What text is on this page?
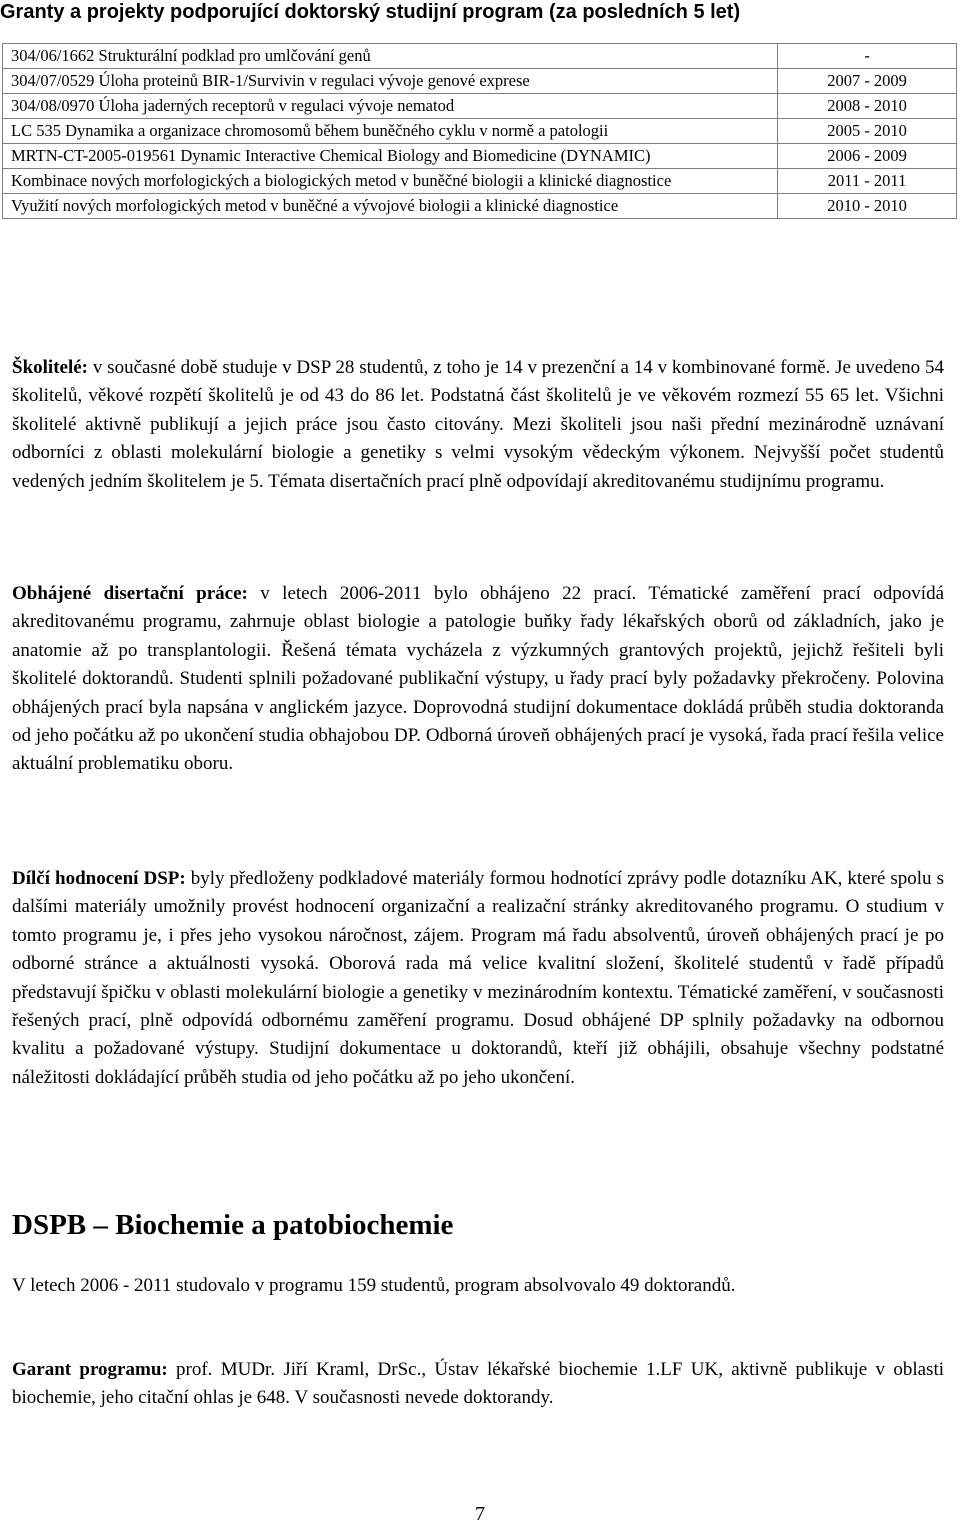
Granty a projekty podporující doktorský studijní program (za posledních 5 let)
304/06/1662 Strukturální podklad pro umlčování genů	-
304/07/0529 Úloha proteinů BIR-1/Survivin v regulaci vývoje genové exprese	2007 - 2009
304/08/0970 Úloha jaderných receptorů v regulaci vývoje nematod	2008 - 2010
LC 535 Dynamika a organizace chromosomů během buněčného cyklu v normě a patologii	2005 - 2010
MRTN-CT-2005-019561 Dynamic Interactive Chemical Biology and Biomedicine (DYNAMIC)	2006 - 2009
Kombinace nových morfologických a biologických metod v buněčné biologii a klinické diagnostice	2011 - 2011
Využití nových morfologických metod v buněčné a vývojové biologii a klinické diagnostice	2010 - 2010
Školitelé: v současné době studuje v DSP 28 studentů, z toho je 14 v prezenční a 14 v kombinované formě. Je uvedeno 54 školitelů, věkové rozpětí školitelů je od 43 do 86 let. Podstatná část školitelů je ve věkovém rozmezí 55 65 let. Všichni školitelé aktivně publikují a jejich práce jsou často citovány. Mezi školiteli jsou naši přední mezinárodně uznávaní odborníci z oblasti molekulární biologie a genetiky s velmi vysokým vědeckým výkonem. Nejvyšší počet studentů vedených jedním školitelem je 5. Témata disertačních prací plně odpovídají akreditovanému studijnímu programu.
Obhájené disertační práce: v letech 2006-2011 bylo obhájeno 22 prací. Tématické zaměření prací odpovídá akreditovanému programu, zahrnuje oblast biologie a patologie buňky řady lékařských oborů od základních, jako je anatomie až po transplantologii. Řešená témata vycházela z výzkumných grantových projektů, jejichž řešiteli byli školitelé doktorandů. Studenti splnili požadované publikační výstupy, u řady prací byly požadavky překročeny. Polovina obhájených prací byla napsána v anglickém jazyce. Doprovodná studijní dokumentace dokládá průběh studia doktoranda od jeho počátku až po ukončení studia obhajobou DP. Odborná úroveň obhájených prací je vysoká, řada prací řešila velice aktuální problematiku oboru.
Dílčí hodnocení DSP: byly předloženy podkladové materiály formou hodnotící zprávy podle dotazníku AK, které spolu s dalšími materiály umožnily provést hodnocení organizační a realizační stránky akreditovaného programu. O studium v tomto programu je, i přes jeho vysokou náročnost, zájem. Program má řadu absolventů, úroveň obhájených prací je po odborné stránce a aktuálnosti vysoká. Oborová rada má velice kvalitní složení, školitelé studentů v řadě případů představují špičku v oblasti molekulární biologie a genetiky v mezinárodním kontextu. Tématické zaměření, v současnosti řešených prací, plně odpovídá odbornému zaměření programu. Dosud obhájené DP splnily požadavky na odbornou kvalitu a požadované výstupy. Studijní dokumentace u doktorandů, kteří již obhájili, obsahuje všechny podstatné náležitosti dokládající průběh studia od jeho počátku až po jeho ukončení.
DSPB – Biochemie a patobiochemie
V letech 2006 - 2011 studovalo v programu 159 studentů, program absolvovalo 49 doktorandů.
Garant programu: prof. MUDr. Jiří Kraml, DrSc., Ústav lékařské biochemie 1.LF UK, aktivně publikuje v oblasti biochemie, jeho citační ohlas je 648. V současnosti nevede doktorandy.
7
